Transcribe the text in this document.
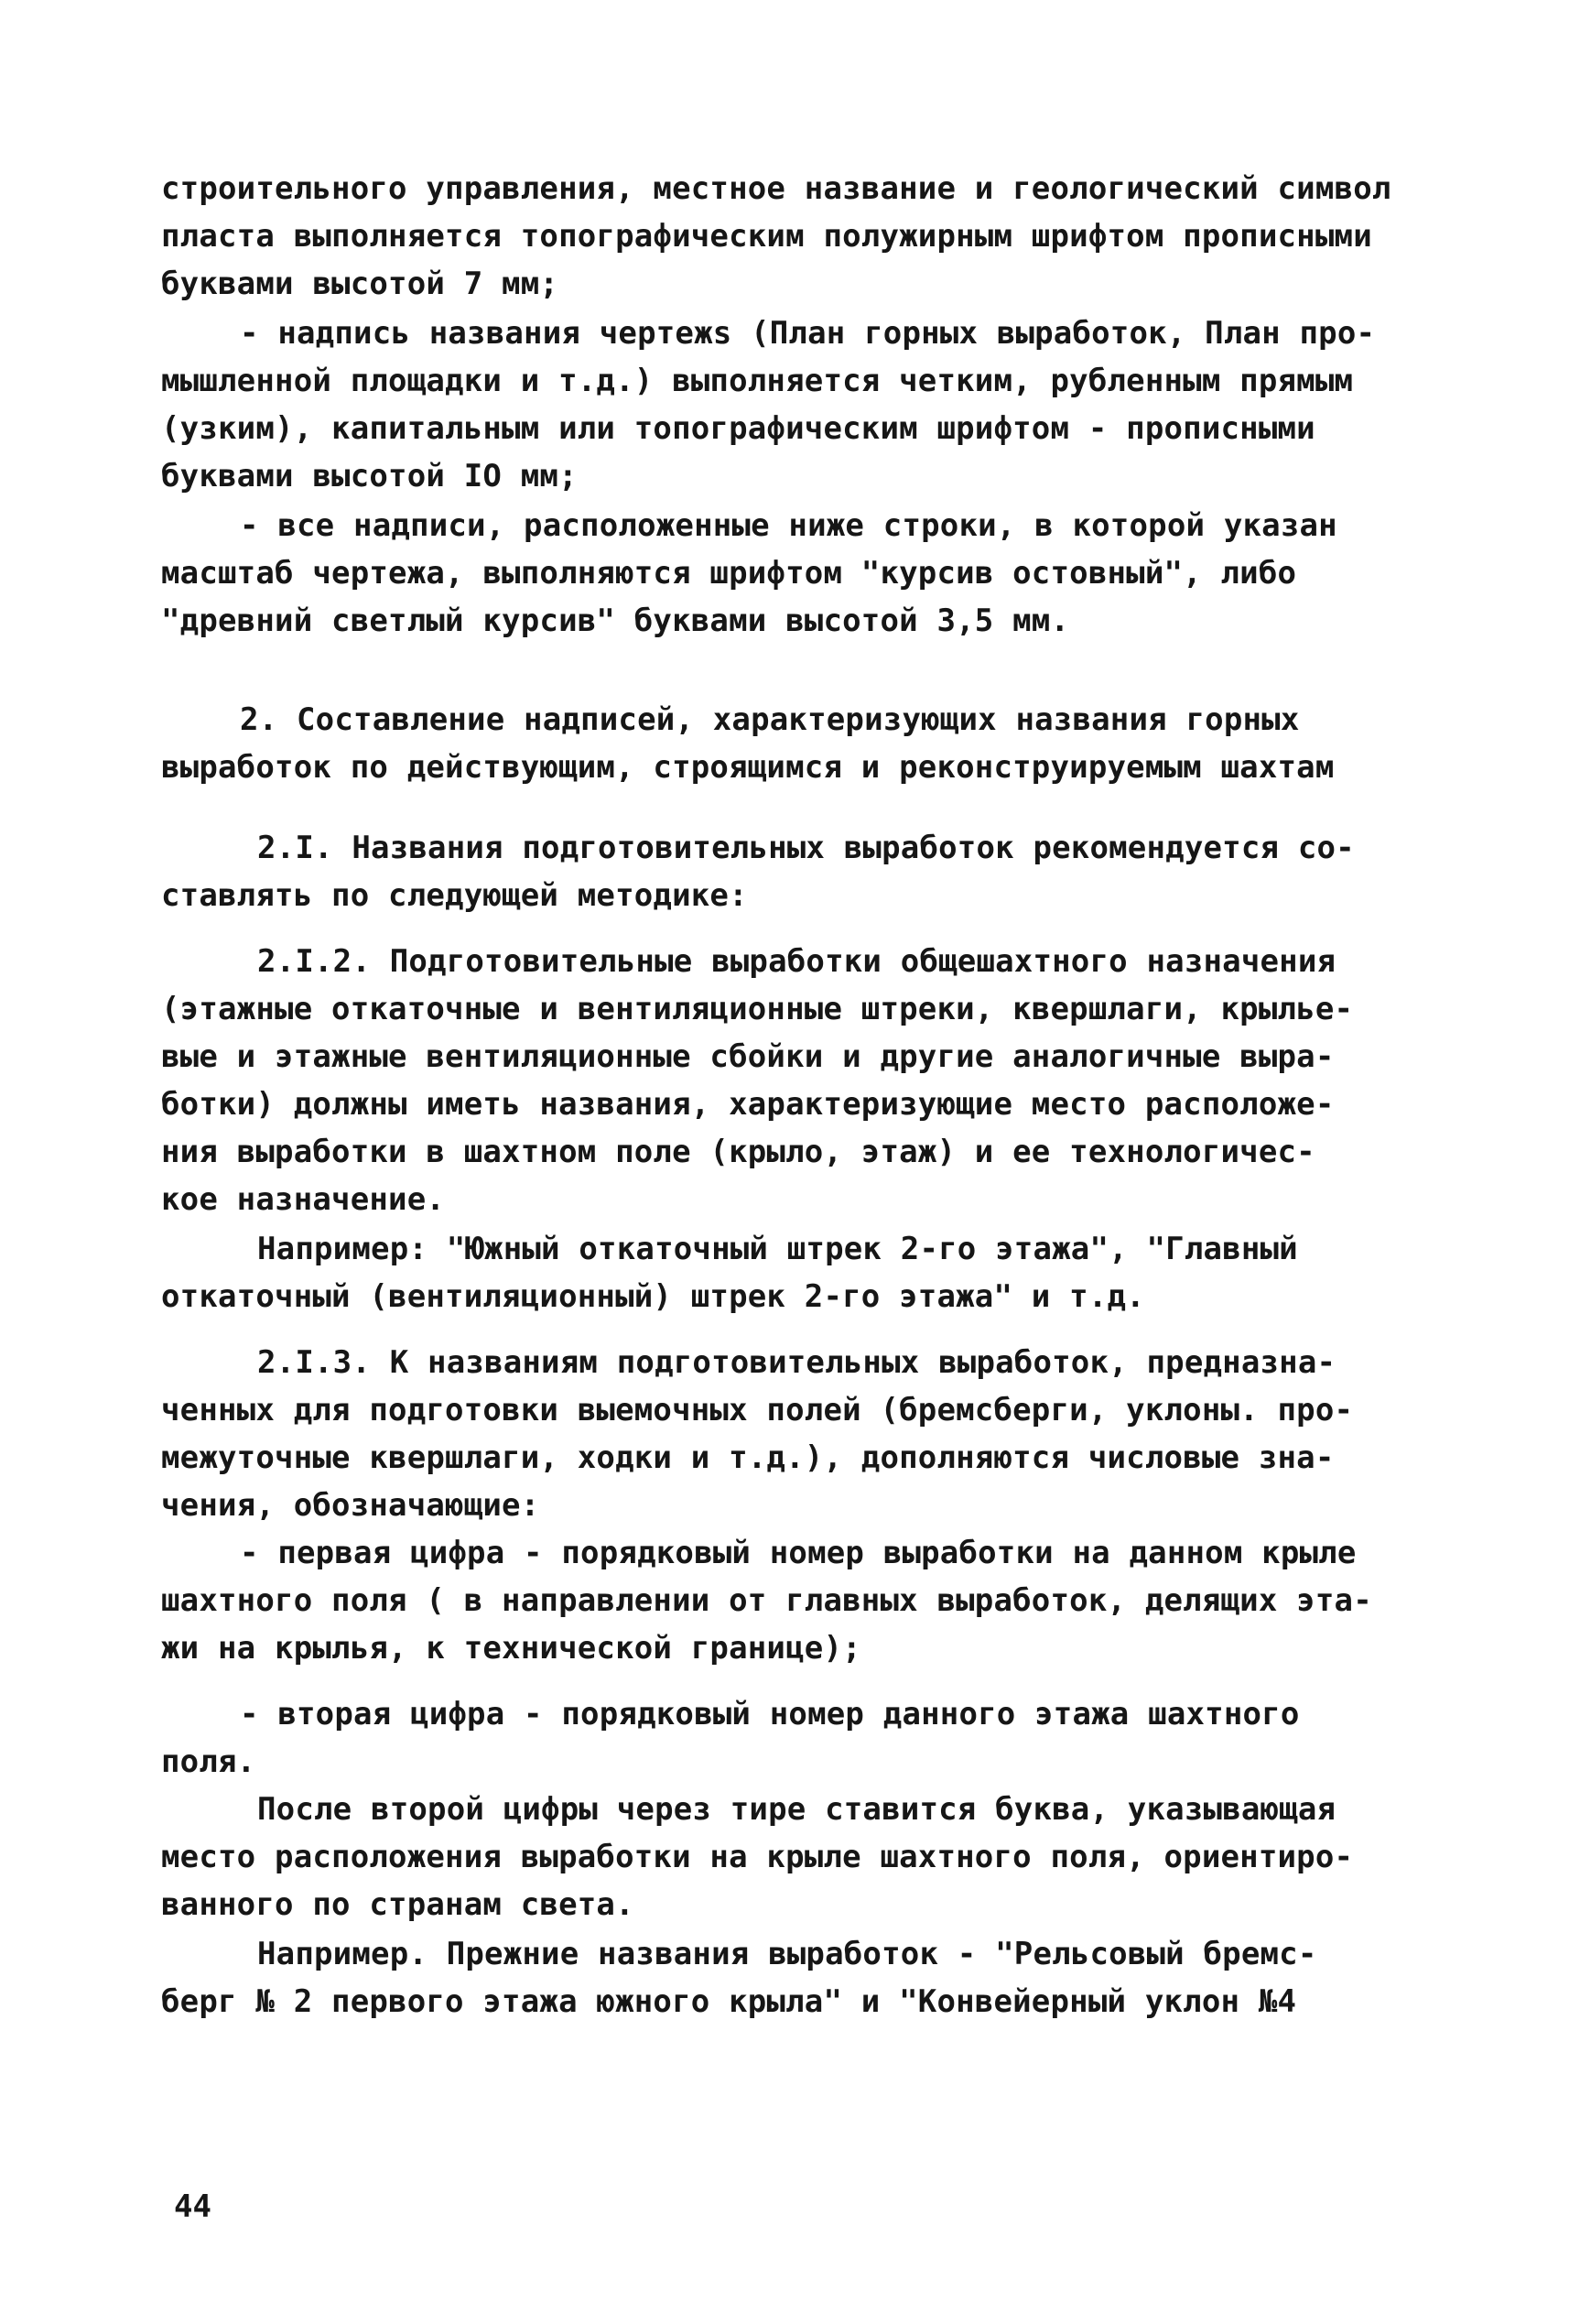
строительного управления, местное название и геологический символ
пласта выполняется топографическим полужирным шрифтом прописными
буквами высотой 7 мм;
- надпись названия чертежs (План горных выработок, План про-
мышленной площадки и т.д.) выполняется четким, рубленным прямым
(узким), капитальным или топографическим шрифтом - прописными
буквами высотой IO мм;
- все надписи, расположенные ниже строки, в которой указан
масштаб чертежа, выполняются шрифтом "курсив остовный", либо
"древний светлый курсив" буквами высотой 3,5 мм.
2. Составление надписей, характеризующих названия горных
выработок по действующим, строящимся и реконструируемым шахтам
2.I. Названия подготовительных выработок рекомендуется со-
ставлять по следующей методике:
2.I.2. Подготовительные выработки общешахтного назначения
(этажные откаточные и вентиляционные штреки, квершлаги, крылье-
вые и этажные вентиляционные сбойки и другие аналогичные выра-
ботки) должны иметь названия, характеризующие место расположе-
ния выработки в шахтном поле (крыло, этаж) и ее технологичес-
кое назначение.
Например: "Южный откаточный штрек 2-го этажа", "Главный
откаточный (вентиляционный) штрек 2-го этажа" и т.д.
2.I.3. К названиям подготовительных выработок, предназна-
ченных для подготовки выемочных полей (бремсберги, уклоны. про-
межуточные квершлаги, ходки и т.д.), дополняются числовые зна-
чения, обозначающие:
- первая цифра - порядковый номер выработки на данном крыле
шахтного поля ( в направлении от главных выработок, делящих эта-
жи на крылья, к технической границе);
- вторая цифра - порядковый номер данного этажа шахтного
поля.
После второй цифры через тире ставится буква, указывающая
место расположения выработки на крыле шахтного поля, ориентиро-
ванного по странам света.
Например. Прежние названия выработок - "Рельсовый бремс-
берг № 2 первого этажа южного крыла" и "Конвейерный уклон №4
44
